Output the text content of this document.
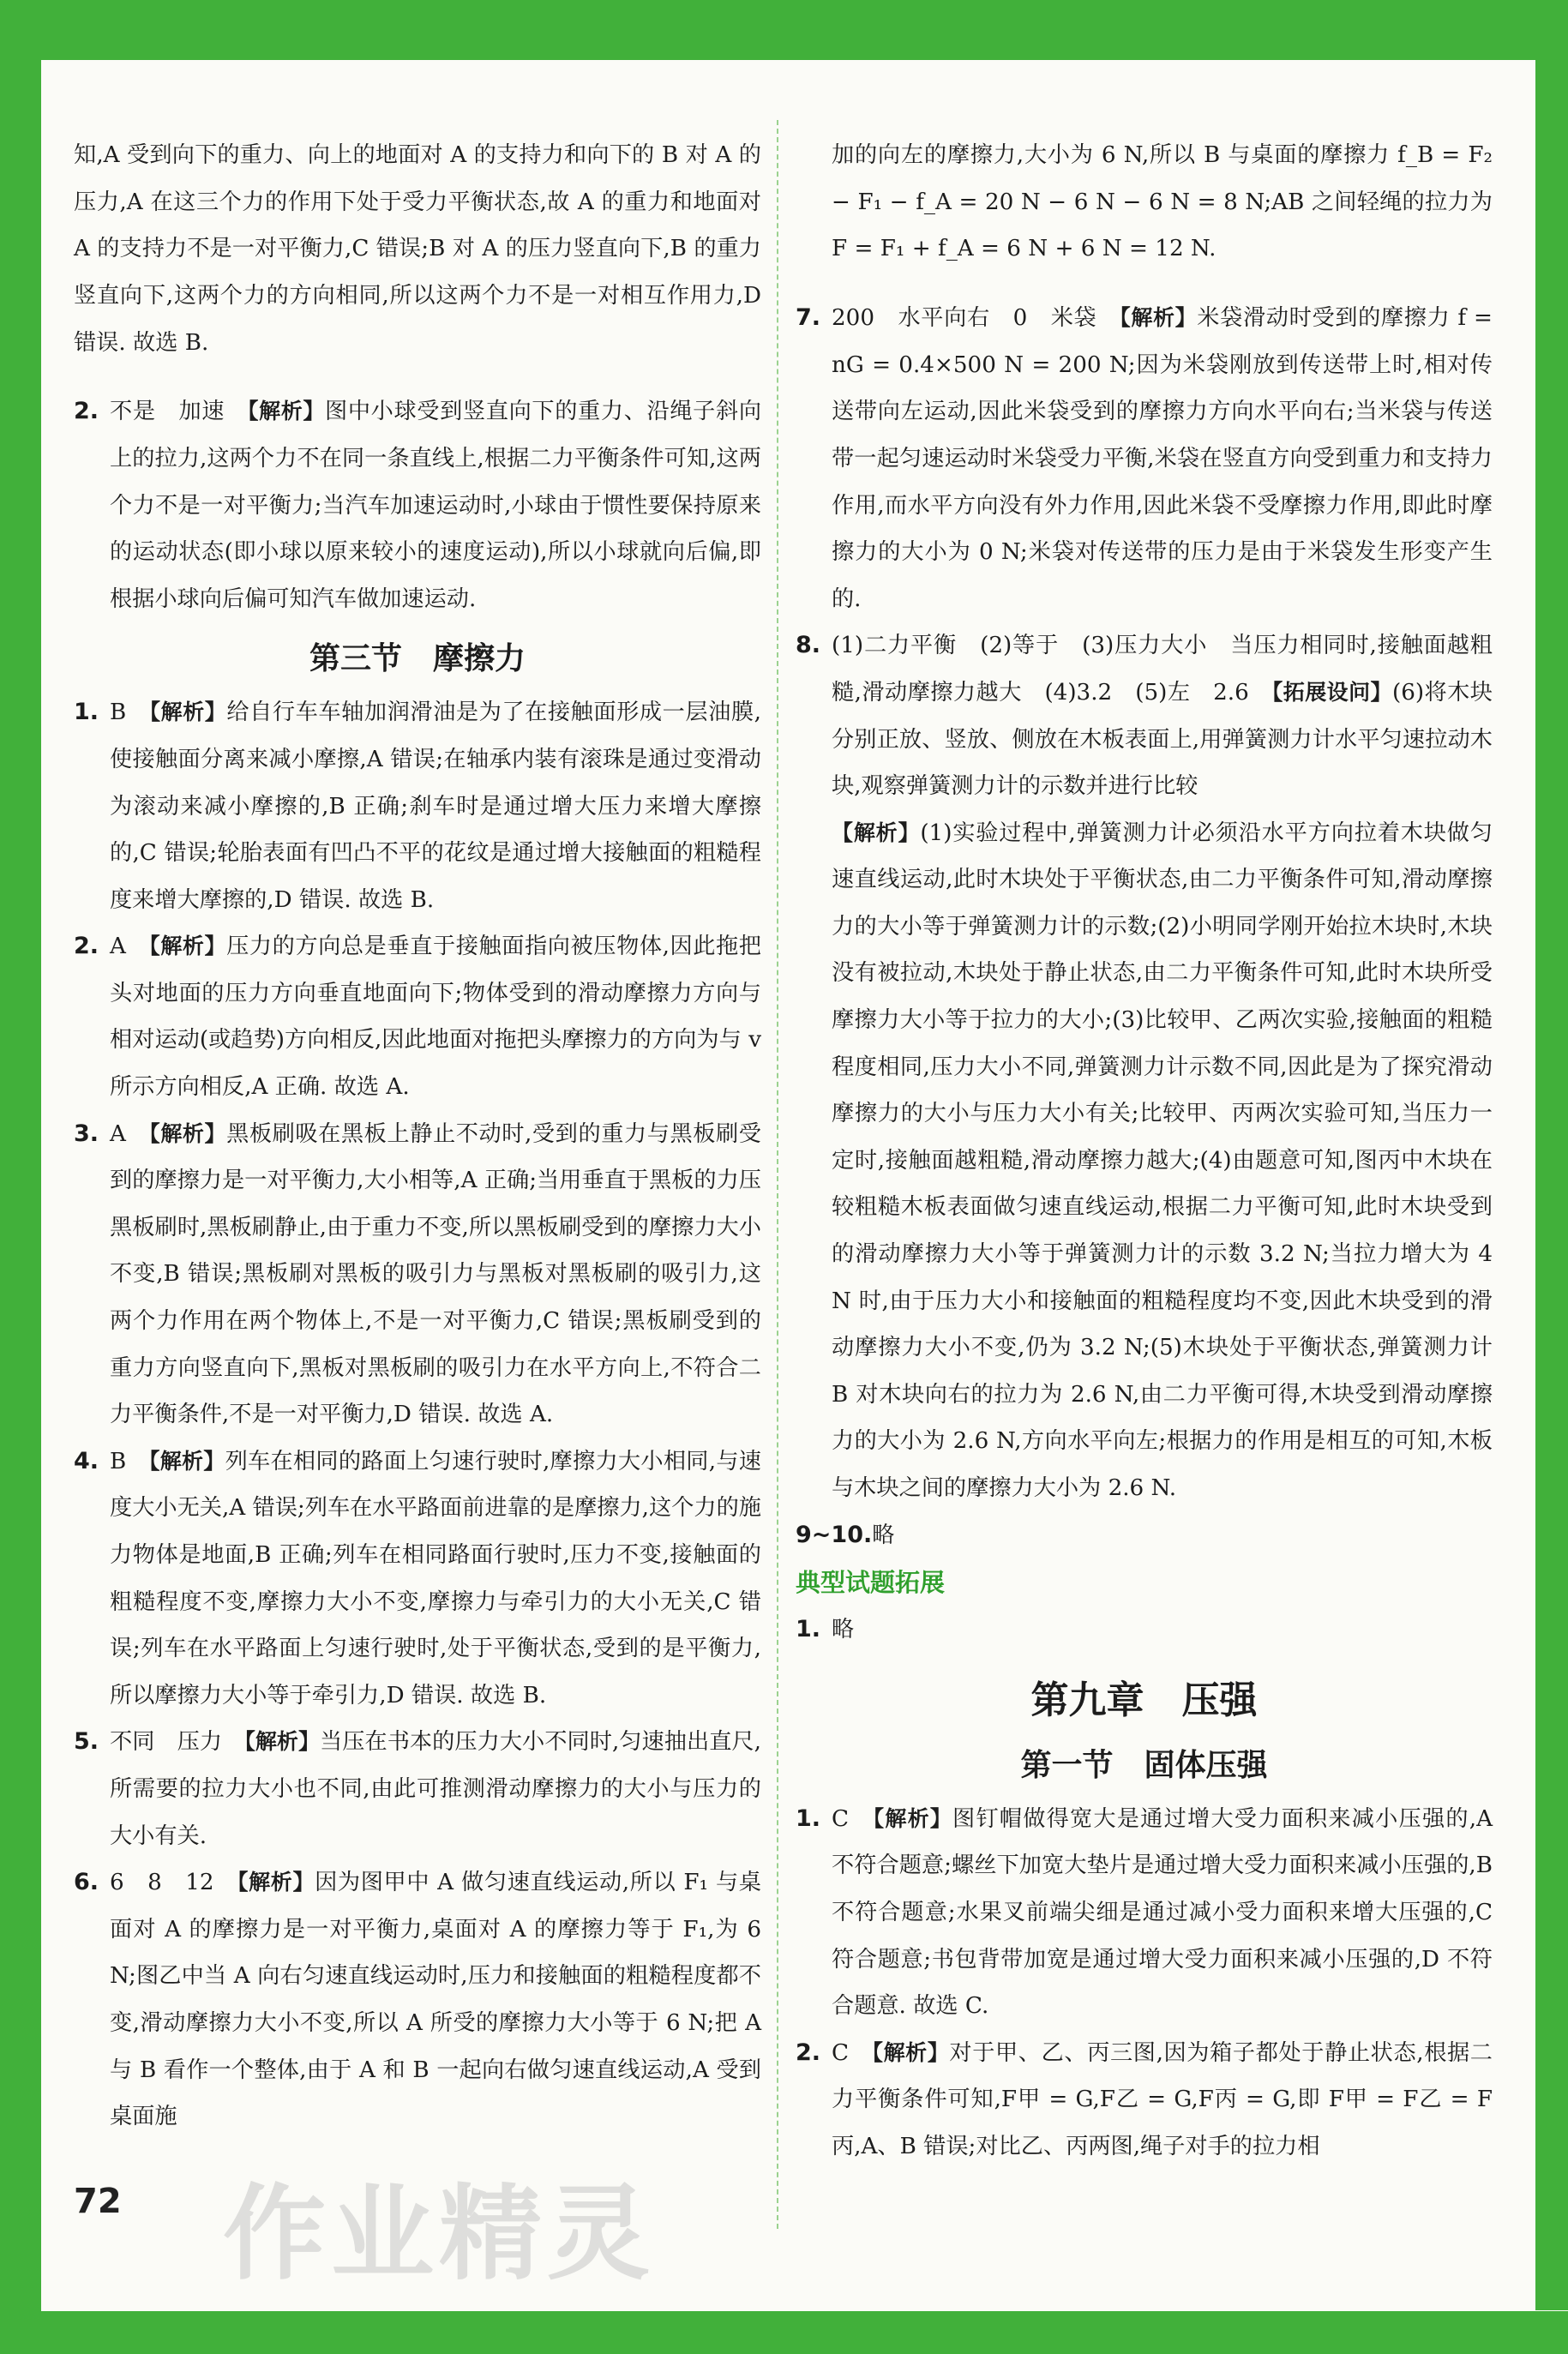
知,A 受到向下的重力、向上的地面对 A 的支持力和向下的 B 对 A 的压力,A 在这三个力的作用下处于受力平衡状态,故 A 的重力和地面对 A 的支持力不是一对平衡力,C 错误;B 对 A 的压力竖直向下,B 的重力竖直向下,这两个力的方向相同,所以这两个力不是一对相互作用力,D 错误. 故选 B.

2. 不是　加速　【解析】图中小球受到竖直向下的重力、沿绳子斜向上的拉力,这两个力不在同一条直线上,根据二力平衡条件可知,这两个力不是一对平衡力;当汽车加速运动时,小球由于惯性要保持原来的运动状态(即小球以原来较小的速度运动),所以小球就向后偏,即根据小球向后偏可知汽车做加速运动.
第三节　摩擦力
1. B　【解析】给自行车车轴加润滑油是为了在接触面形成一层油膜,使接触面分离来减小摩擦,A 错误;在轴承内装有滚珠是通过变滑动为滚动来减小摩擦的,B 正确;刹车时是通过增大压力来增大摩擦的,C 错误;轮胎表面有凹凸不平的花纹是通过增大接触面的粗糙程度来增大摩擦的,D 错误. 故选 B.
2. A　【解析】压力的方向总是垂直于接触面指向被压物体,因此拖把头对地面的压力方向垂直地面向下;物体受到的滑动摩擦力方向与相对运动(或趋势)方向相反,因此地面对拖把头摩擦力的方向为与 v 所示方向相反,A 正确. 故选 A.
3. A　【解析】黑板刷吸在黑板上静止不动时,受到的重力与黑板刷受到的摩擦力是一对平衡力,大小相等,A 正确;当用垂直于黑板的力压黑板刷时,黑板刷静止,由于重力不变,所以黑板刷受到的摩擦力大小不变,B 错误;黑板刷对黑板的吸引力与黑板对黑板刷的吸引力,这两个力作用在两个物体上,不是一对平衡力,C 错误;黑板刷受到的重力方向竖直向下,黑板对黑板刷的吸引力在水平方向上,不符合二力平衡条件,不是一对平衡力,D 错误. 故选 A.
4. B　【解析】列车在相同的路面上匀速行驶时,摩擦力大小相同,与速度大小无关,A 错误;列车在水平路面前进靠的是摩擦力,这个力的施力物体是地面,B 正确;列车在相同路面行驶时,压力不变,接触面的粗糙程度不变,摩擦力大小不变,摩擦力与牵引力的大小无关,C 错误;列车在水平路面上匀速行驶时,处于平衡状态,受到的是平衡力,所以摩擦力大小等于牵引力,D 错误. 故选 B.
5. 不同　压力　【解析】当压在书本的压力大小不同时,匀速抽出直尺,所需要的拉力大小也不同,由此可推测滑动摩擦力的大小与压力的大小有关.
6. 6　8　12　【解析】因为图甲中 A 做匀速直线运动,所以 F₁ 与桌面对 A 的摩擦力是一对平衡力,桌面对 A 的摩擦力等于 F₁,为 6 N;图乙中当 A 向右匀速直线运动时,压力和接触面的粗糙程度都不变,滑动摩擦力大小不变,所以 A 所受的摩擦力大小等于 6 N;把 A 与 B 看作一个整体,由于 A 和 B 一起向右做匀速直线运动,A 受到桌面施

加的向左的摩擦力,大小为 6 N,所以 B 与桌面的摩擦力 f_B = F₂ − F₁ − f_A = 20 N − 6 N − 6 N = 8 N;AB 之间轻绳的拉力为 F = F₁ + f_A = 6 N + 6 N = 12 N.

7. 200　水平向右　0　米袋　【解析】米袋滑动时受到的摩擦力 f = nG = 0.4×500 N = 200 N;因为米袋刚放到传送带上时,相对传送带向左运动,因此米袋受到的摩擦力方向水平向右;当米袋与传送带一起匀速运动时米袋受力平衡,米袋在竖直方向受到重力和支持力作用,而水平方向没有外力作用,因此米袋不受摩擦力作用,即此时摩擦力的大小为 0 N;米袋对传送带的压力是由于米袋发生形变产生的.
8. (1)二力平衡　(2)等于　(3)压力大小　当压力相同时,接触面越粗糙,滑动摩擦力越大　(4)3.2　(5)左　2.6　【拓展设问】(6)将木块分别正放、竖放、侧放在木板表面上,用弹簧测力计水平匀速拉动木块,观察弹簧测力计的示数并进行比较
【解析】(1)实验过程中,弹簧测力计必须沿水平方向拉着木块做匀速直线运动,此时木块处于平衡状态,由二力平衡条件可知,滑动摩擦力的大小等于弹簧测力计的示数;(2)小明同学刚开始拉木块时,木块没有被拉动,木块处于静止状态,由二力平衡条件可知,此时木块所受摩擦力大小等于拉力的大小;(3)比较甲、乙两次实验,接触面的粗糙程度相同,压力大小不同,弹簧测力计示数不同,因此是为了探究滑动摩擦力的大小与压力大小有关;比较甲、丙两次实验可知,当压力一定时,接触面越粗糙,滑动摩擦力越大;(4)由题意可知,图丙中木块在较粗糙木板表面做匀速直线运动,根据二力平衡可知,此时木块受到的滑动摩擦力大小等于弹簧测力计的示数 3.2 N;当拉力增大为 4 N 时,由于压力大小和接触面的粗糙程度均不变,因此木块受到的滑动摩擦力大小不变,仍为 3.2 N;(5)木块处于平衡状态,弹簧测力计 B 对木块向右的拉力为 2.6 N,由二力平衡可得,木块受到滑动摩擦力的大小为 2.6 N,方向水平向左;根据力的作用是相互的可知,木板与木块之间的摩擦力大小为 2.6 N.
9~10. 略
典型试题拓展
1. 略
第九章　压强
第一节　固体压强
1. C　【解析】图钉帽做得宽大是通过增大受力面积来减小压强的,A 不符合题意;螺丝下加宽大垫片是通过增大受力面积来减小压强的,B 不符合题意;水果叉前端尖细是通过减小受力面积来增大压强的,C 符合题意;书包背带加宽是通过增大受力面积来减小压强的,D 不符合题意. 故选 C.
2. C　【解析】对于甲、乙、丙三图,因为箱子都处于静止状态,根据二力平衡条件可知,F甲 = G,F乙 = G,F丙 = G,即 F甲 = F乙 = F丙,A、B 错误;对比乙、丙两图,绳子对手的拉力相
72 作业精灵
